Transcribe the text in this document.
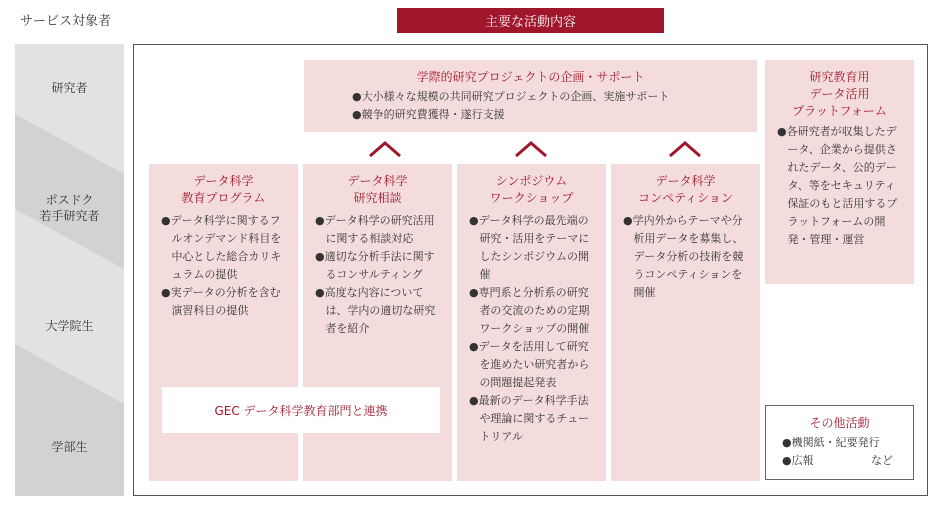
サービス対象者	主要な活動内容
研究者
ポスドク
若手研究者
大学院生
学部生
学際的研究プロジェクトの企画・サポート
●大小様々な規模の共同研究プロジェクトの企画、実施サポート
●競争的研究費獲得・遂行支援
データ科学
教育プログラム
●データ科学に関するフルオンデマンド科目を中心とした総合カリキュラムの提供
●実データの分析を含む演習科目の提供
データ科学
研究相談
●データ科学の研究活用に関する相談対応
●適切な分析手法に関するコンサルティング
●高度な内容については、学内の適切な研究者を紹介
シンポジウム
ワークショップ
●データ科学の最先端の研究・活用をテーマにしたシンポジウムの開催
●専門系と分析系の研究者の交流のための定期ワークショップの開催
●データを活用して研究を進めたい研究者からの問題提起発表
●最新のデータ科学手法や理論に関するチュートリアル
データ科学
コンペティション
●学内外からテーマや分析用データを募集し、データ分析の技術を競うコンペティションを開催
GEC データ科学教育部門と連携
研究教育用
データ活用
プラットフォーム
●各研究者が収集したデータ、企業から提供されたデータ、公的データ、等をセキュリティ保証のもと活用するプラットフォームの開発・管理・運営
その他活動
●機関紙・紀要発行
●広報	など
